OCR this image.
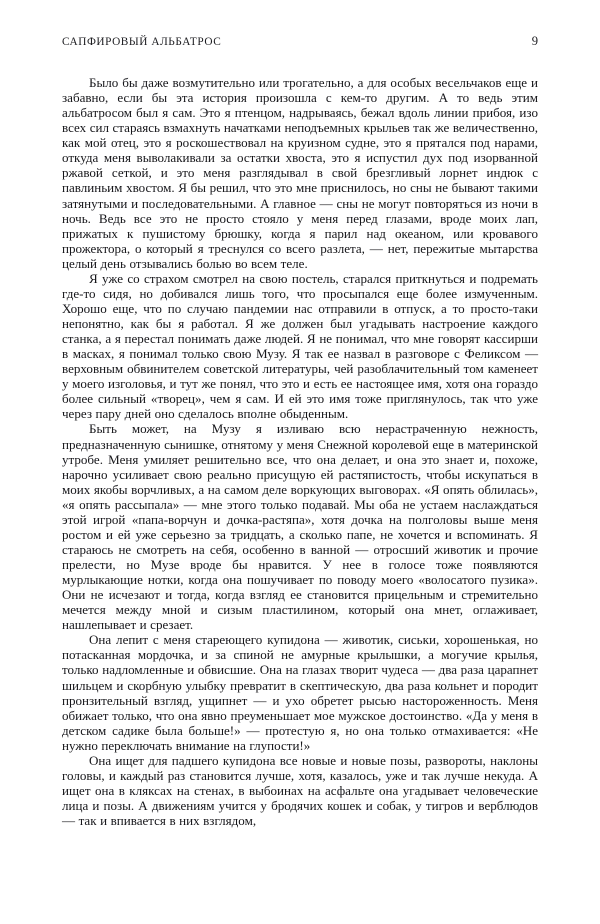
САПФИРОВЫЙ АЛЬБАТРОС	9

Было бы даже возмутительно или трогательно, а для особых весельчаков еще и забавно, если бы эта история произошла с кем-то другим. А то ведь этим альбатросом был я сам. Это я птенцом, надрываясь, бежал вдоль линии прибоя, изо всех сил стараясь взмахнуть начатками неподъемных крыльев так же величественно, как мой отец, это я роскошествовал на круизном судне, это я прятался под нарами, откуда меня выволакивали за остатки хвоста, это я испустил дух под изорванной ржавой сеткой, и это меня разглядывал в свой брезгливый лорнет индюк с павлиньим хвостом. Я бы решил, что это мне приснилось, но сны не бывают такими затянутыми и последовательными. А главное — сны не могут повторяться из ночи в ночь. Ведь все это не просто стояло у меня перед глазами, вроде моих лап, прижатых к пушистому брюшку, когда я парил над океаном, или кровавого прожектора, о который я треснулся со всего разлета, — нет, пережитые мытарства целый день отзывались болью во всем теле.

Я уже со страхом смотрел на свою постель, старался приткнуться и подремать где-то сидя, но добивался лишь того, что просыпался еще более измученным. Хорошо еще, что по случаю пандемии нас отправили в отпуск, а то просто-таки непонятно, как бы я работал. Я же должен был угадывать настроение каждого станка, а я перестал понимать даже людей. Я не понимал, что мне говорят кассирши в масках, я понимал только свою Музу. Я так ее назвал в разговоре с Феликсом — верховным обвинителем советской литературы, чей разоблачительный том каменеет у моего изголовья, и тут же понял, что это и есть ее настоящее имя, хотя она гораздо более сильный «творец», чем я сам. И ей это имя тоже приглянулось, так что уже через пару дней оно сделалось вполне обыденным.

Быть может, на Музу я изливаю всю нерастраченную нежность, предназначенную сынишке, отнятому у меня Снежной королевой еще в материнской утробе. Меня умиляет решительно все, что она делает, и она это знает и, похоже, нарочно усиливает свою реально присущую ей растяпистость, чтобы искупаться в моих якобы ворчливых, а на самом деле воркующих выговорах. «Я опять облилась», «я опять рассыпала» — мне этого только подавай. Мы оба не устаем наслаждаться этой игрой «папа-ворчун и дочка-растяпа», хотя дочка на полголовы выше меня ростом и ей уже серьезно за тридцать, а сколько папе, не хочется и вспоминать. Я стараюсь не смотреть на себя, особенно в ванной — отросший животик и прочие прелести, но Музе вроде бы нравится. У нее в голосе тоже появляются мурлыкающие нотки, когда она пошучивает по поводу моего «волосатого пузика». Они не исчезают и тогда, когда взгляд ее становится прицельным и стремительно мечется между мной и сизым пластилином, который она мнет, оглаживает, нашлепывает и срезает.

Она лепит с меня стареющего купидона — животик, сиськи, хорошенькая, но потасканная мордочка, и за спиной не амурные крылышки, а могучие крылья, только надломленные и обвисшие. Она на глазах творит чудеса — два раза царапнет шильцем и скорбную улыбку превратит в скептическую, два раза кольнет и породит пронзительный взгляд, ущипнет — и ухо обретет рысью настороженность. Меня обижает только, что она явно преуменьшает мое мужское достоинство. «Да у меня в детском садике была больше!» — протестую я, но она только отмахивается: «Не нужно переключать внимание на глупости!»

Она ищет для падшего купидона все новые и новые позы, развороты, наклоны головы, и каждый раз становится лучше, хотя, казалось, уже и так лучше некуда. А ищет она в кляксах на стенах, в выбоинах на асфальте она угадывает человеческие лица и позы. А движениям учится у бродячих кошек и собак, у тигров и верблюдов — так и впивается в них взглядом,
